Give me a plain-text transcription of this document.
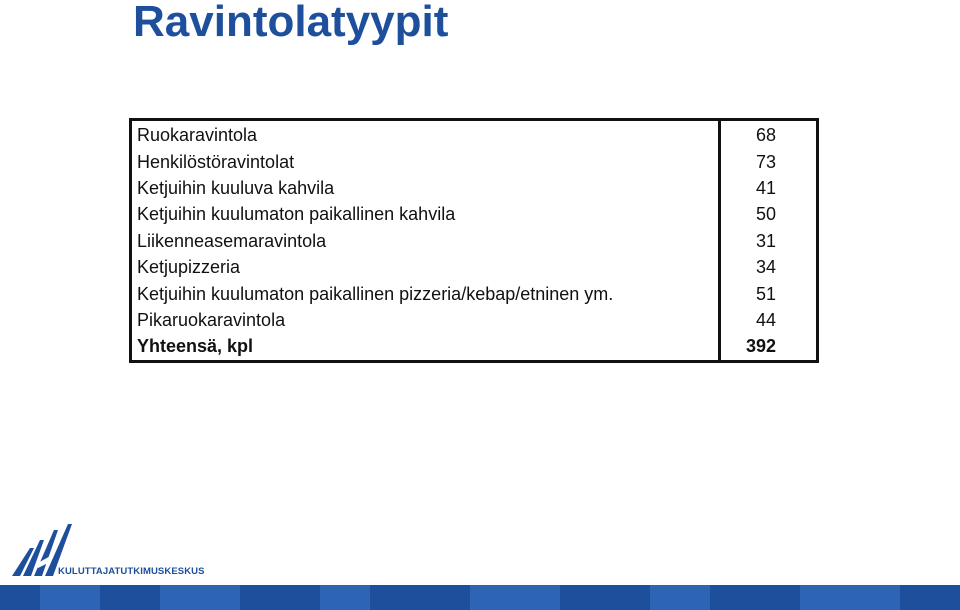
Ravintolatyypit
Ruokaravintola	68
Henkilöstöravintolat	73
Ketjuihin kuuluva kahvila	41
Ketjuihin kuulumaton paikallinen kahvila	50
Liikenneasemaravintola	31
Ketjupizzeria	34
Ketjuihin kuulumaton paikallinen pizzeria/kebap/etninen ym.	51
Pikaruokaravintola	44
Yhteensä, kpl	392
KULUTTAJATUTKIMUSKESKUS
